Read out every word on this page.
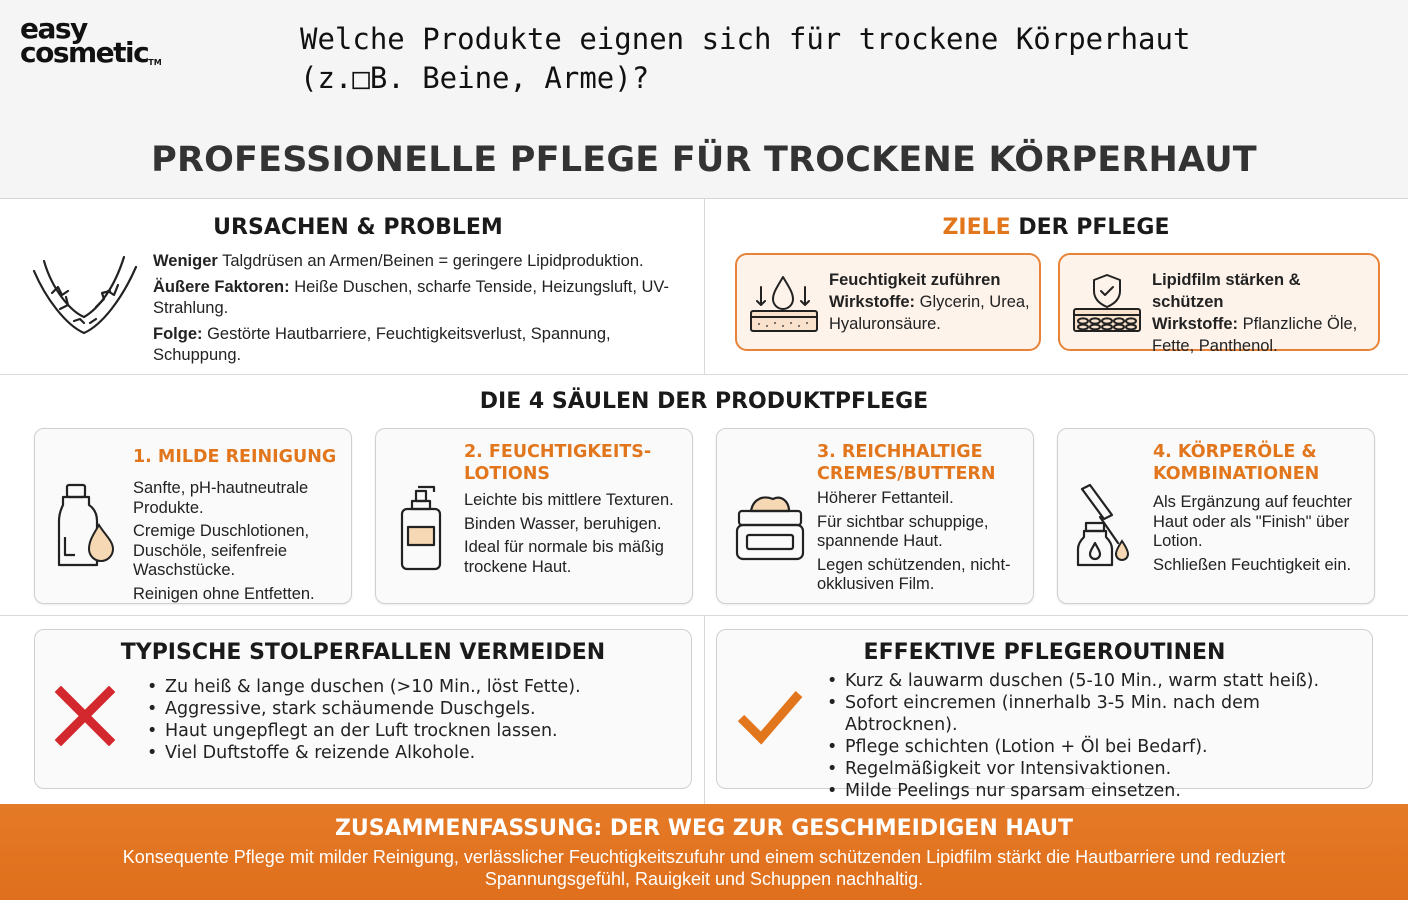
easy
cosmetic™
Welche Produkte eignen sich für trockene Körperhaut (z.□B. Beine, Arme)?
PROFESSIONELLE PFLEGE FÜR TROCKENE KÖRPERHAUT
URSACHEN & PROBLEM

Weniger Talgdrüsen an Armen/Beinen = geringere Lipidproduktion.

Äußere Faktoren: Heiße Duschen, scharfe Tenside, Heizungsluft, UV-Strahlung.

Folge: Gestörte Hautbarriere, Feuchtigkeitsverlust, Spannung, Schuppung.

ZIELE DER PFLEGE
Feuchtigkeit zuführen
Wirkstoffe: Glycerin, Urea, Hyaluronsäure.
Lipidfilm stärken & schützen
Wirkstoffe: Pflanzliche Öle, Fette, Panthenol.
DIE 4 SÄULEN DER PRODUKTPFLEGE
1. MILDE REINIGUNG

Sanfte, pH-hautneutrale Produkte.

Cremige Duschlotionen, Duschöle, seifenfreie Waschstücke.

Reinigen ohne Entfetten.

2. FEUCHTIGKEITS-
LOTIONS

Leichte bis mittlere Texturen.

Binden Wasser, beruhigen.

Ideal für normale bis mäßig trockene Haut.

3. REICHHALTIGE
CREMES/BUTTERN

Höherer Fettanteil.

Für sichtbar schuppige, spannende Haut.

Legen schützenden, nicht-okklusiven Film.

4. KÖRPERÖLE &
KOMBINATIONEN

Als Ergänzung auf feuchter Haut oder als "Finish" über Lotion.

Schließen Feuchtigkeit ein.

TYPISCHE STOLPERFALLEN VERMEIDEN
• Zu heiß & lange duschen (>10 Min., löst Fette).
• Aggressive, stark schäumende Duschgels.
• Haut ungepflegt an der Luft trocknen lassen.
• Viel Duftstoffe & reizende Alkohole.
EFFEKTIVE PFLEGEROUTINEN
• Kurz & lauwarm duschen (5-10 Min., warm statt heiß).
• Sofort eincremen (innerhalb 3-5 Min. nach dem Abtrocknen).
• Pflege schichten (Lotion + Öl bei Bedarf).
• Regelmäßigkeit vor Intensivaktionen.
• Milde Peelings nur sparsam einsetzen.
ZUSAMMENFASSUNG: DER WEG ZUR GESCHMEIDIGEN HAUT
Konsequente Pflege mit milder Reinigung, verlässlicher Feuchtigkeitszufuhr und einem schützenden Lipidfilm stärkt die Hautbarriere und reduziert Spannungsgefühl, Rauigkeit und Schuppen nachhaltig.
